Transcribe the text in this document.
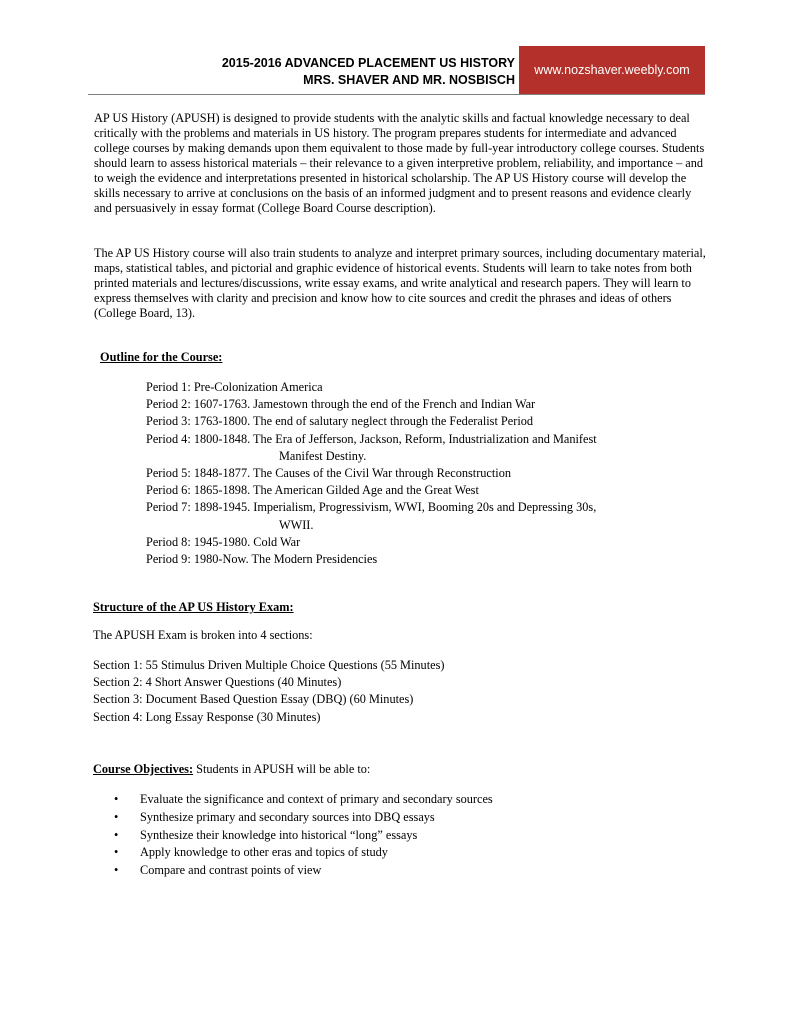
2015-2016 ADVANCED PLACEMENT US HISTORY
MRS. SHAVER AND MR. NOSBISCH
www.nozshaver.weebly.com

AP US History (APUSH) is designed to provide students with the analytic skills and factual knowledge necessary to deal critically with the problems and materials in US history. The program prepares students for intermediate and advanced college courses by making demands upon them equivalent to those made by full-year introductory college courses. Students should learn to assess historical materials – their relevance to a given interpretive problem, reliability, and importance – and to weigh the evidence and interpretations presented in historical scholarship. The AP US History course will develop the skills necessary to arrive at conclusions on the basis of an informed judgment and to present reasons and evidence clearly and persuasively in essay format (College Board Course description).

The AP US History course will also train students to analyze and interpret primary sources, including documentary material, maps, statistical tables, and pictorial and graphic evidence of historical events. Students will learn to take notes from both printed materials and lectures/discussions, write essay exams, and write analytical and research papers. They will learn to express themselves with clarity and precision and know how to cite sources and credit the phrases and ideas of others (College Board, 13).

Outline for the Course:

Period 1: Pre-Colonization America
Period 2: 1607-1763. Jamestown through the end of the French and Indian War
Period 3: 1763-1800. The end of salutary neglect through the Federalist Period
Period 4: 1800-1848. The Era of Jefferson, Jackson, Reform, Industrialization and Manifest
Manifest Destiny.
Period 5: 1848-1877. The Causes of the Civil War through Reconstruction
Period 6: 1865-1898. The American Gilded Age and the Great West
Period 7: 1898-1945. Imperialism, Progressivism, WWI, Booming 20s and Depressing 30s,
WWII.
Period 8: 1945-1980. Cold War
Period 9: 1980-Now. The Modern Presidencies

Structure of the AP US History Exam:

The APUSH Exam is broken into 4 sections:

Section 1: 55 Stimulus Driven Multiple Choice Questions (55 Minutes)
Section 2: 4 Short Answer Questions (40 Minutes)
Section 3: Document Based Question Essay (DBQ) (60 Minutes)
Section 4: Long Essay Response (30 Minutes)

Course Objectives: Students in APUSH will be able to:

• Evaluate the significance and context of primary and secondary sources
• Synthesize primary and secondary sources into DBQ essays
• Synthesize their knowledge into historical “long” essays
• Apply knowledge to other eras and topics of study
• Compare and contrast points of view
